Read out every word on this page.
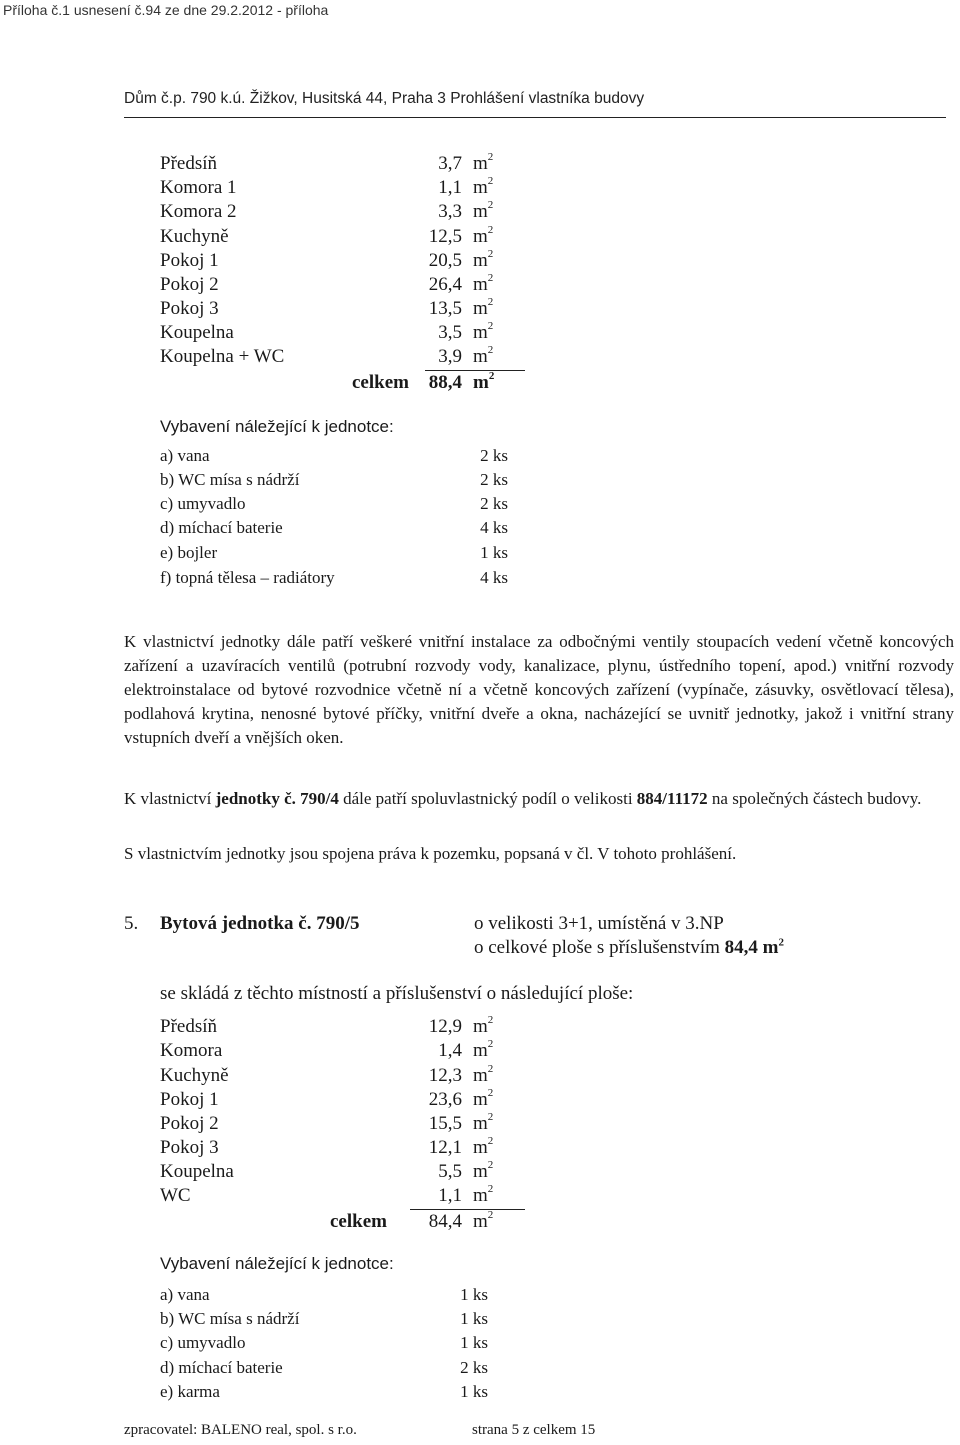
Příloha č.1 usnesení č.94 ze dne 29.2.2012 - příloha
Dům č.p. 790 k.ú. Žižkov, Husitská 44, Praha 3 Prohlášení vlastníka budovy
Předsíň	3,7 $m^2$
Komora 1	1,1 $m^2$
Komora 2	3,3 $m^2$
Kuchyně	12,5 $m^2$
Pokoj 1	20,5 $m^2$
Pokoj 2	26,4 $m^2$
Pokoj 3	13,5 $m^2$
Koupelna	3,5 $m^2$
Koupelna + WC	3,9 $m^2$
celkem	88,4 $m^2$
Vybavení náležející k jednotce:
a) vana	2 ks
b) WC mísa s nádrží	2 ks
c) umyvadlo	2 ks
d) míchací baterie	4 ks
e) bojler	1 ks
f) topná tělesa – radiátory	4 ks
K vlastnictví jednotky dále patří veškeré vnitřní instalace za odbočnými ventily stoupacích vedení včetně koncových zařízení a uzavíracích ventilů (potrubní rozvody vody, kanalizace, plynu, ústředního topení, apod.) vnitřní rozvody elektroinstalace od bytové rozvodnice včetně ní a včetně koncových zařízení (vypínače, zásuvky, osvětlovací tělesa), podlahová krytina, nenosné bytové příčky, vnitřní dveře a okna, nacházející se uvnitř jednotky, jakož i vnitřní strany vstupních dveří a vnějších oken.
K vlastnictví jednotky č. 790/4 dále patří spoluvlastnický podíl o velikosti 884/11172 na společných částech budovy.
S vlastnictvím jednotky jsou spojena práva k pozemku, popsaná v čl. V tohoto prohlášení.
5. Bytová jednotka č. 790/5	o velikosti 3+1, umístěná v 3.NP
o celkové ploše s příslušenstvím 84,4 $m^2$
se skládá z těchto místností a příslušenství o následující ploše:
Předsíň	12,9 $m^2$
Komora	1,4 $m^2$
Kuchyně	12,3 $m^2$
Pokoj 1	23,6 $m^2$
Pokoj 2	15,5 $m^2$
Pokoj 3	12,1 $m^2$
Koupelna	5,5 $m^2$
WC	1,1 $m^2$
celkem	84,4 $m^2$
Vybavení náležející k jednotce:
a) vana	1 ks
b) WC mísa s nádrží	1 ks
c) umyvadlo	1 ks
d) míchací baterie	2 ks
e) karma	1 ks
zpracovatel: BALENO real, spol. s r.o.	strana 5 z celkem 15
